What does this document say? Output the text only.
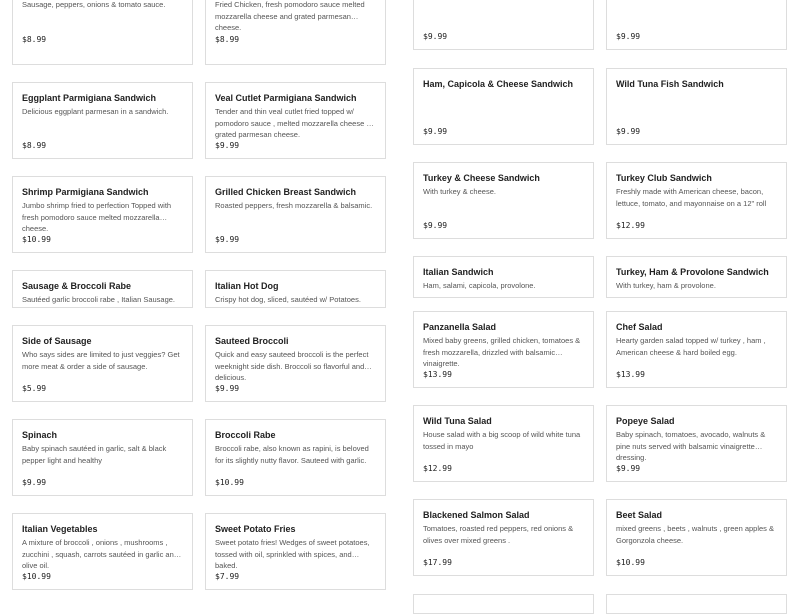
Sausage, peppers, onions & tomato sauce.
$8.99
Fried Chicken, fresh pomodoro sauce melted mozzarella cheese and grated parmesan cheese.
$8.99
Eggplant Parmigiana Sandwich
Delicious eggplant parmesan in a sandwich.
$8.99
Veal Cutlet Parmigiana Sandwich
Tender and thin veal cutlet fried topped w/ pomodoro sauce , melted mozzarella cheese & grated parmesan cheese.
$9.99
Shrimp Parmigiana Sandwich
Jumbo shrimp fried to perfection Topped with fresh pomodoro sauce melted mozzarella cheese.
$10.99
Grilled Chicken Breast Sandwich
Roasted peppers, fresh mozzarella & balsamic.
$9.99
Sausage & Broccoli Rabe
Sautéed garlic broccoli rabe , Italian Sausage.
Italian Hot Dog
Crispy hot dog, sliced, sautéed w/ Potatoes.
Side of Sausage
Who says sides are limited to just veggies? Get more meat & order a side of sausage.
$5.99
Sauteed Broccoli
Quick and easy sauteed broccoli is the perfect weeknight side dish. Broccoli so flavorful and delicious.
$9.99
Spinach
Baby spinach sautéed in garlic, salt & black pepper light and healthy
$9.99
Broccoli Rabe
Broccoli rabe, also known as rapini, is beloved for its slightly nutty flavor. Sauteed with garlic.
$10.99
Italian Vegetables
A mixture of broccoli , onions , mushrooms , zucchini , squash, carrots sautéed in garlic and olive oil.
$10.99
Sweet Potato Fries
Sweet potato fries! Wedges of sweet potatoes, tossed with oil, sprinkled with spices, and baked.
$7.99
$9.99	$9.99
Ham, Capicola & Cheese Sandwich
$9.99
Wild Tuna Fish Sandwich
$9.99
Turkey & Cheese Sandwich
With turkey & cheese.
$9.99
Turkey Club Sandwich
Freshly made with American cheese, bacon, lettuce, tomato, and mayonnaise on a 12" roll
$12.99
Italian Sandwich
Ham, salami, capicola, provolone.
Turkey, Ham & Provolone Sandwich
With turkey, ham & provolone.
Panzanella Salad
Mixed baby greens, grilled chicken, tomatoes & fresh mozzarella, drizzled with balsamic vinaigrette.
$13.99
Chef Salad
Hearty garden salad topped w/ turkey , ham , American cheese & hard boiled egg.
$13.99
Wild Tuna Salad
House salad with a big scoop of wild white tuna tossed in mayo
$12.99
Popeye Salad
Baby spinach, tomatoes, avocado, walnuts & pine nuts served with balsamic vinaigrette dressing.
$9.99
Blackened Salmon Salad
Tomatoes, roasted red peppers, red onions & olives over mixed greens .
$17.99
Beet Salad
mixed greens , beets , walnuts , green apples & Gorgonzola cheese.
$10.99
